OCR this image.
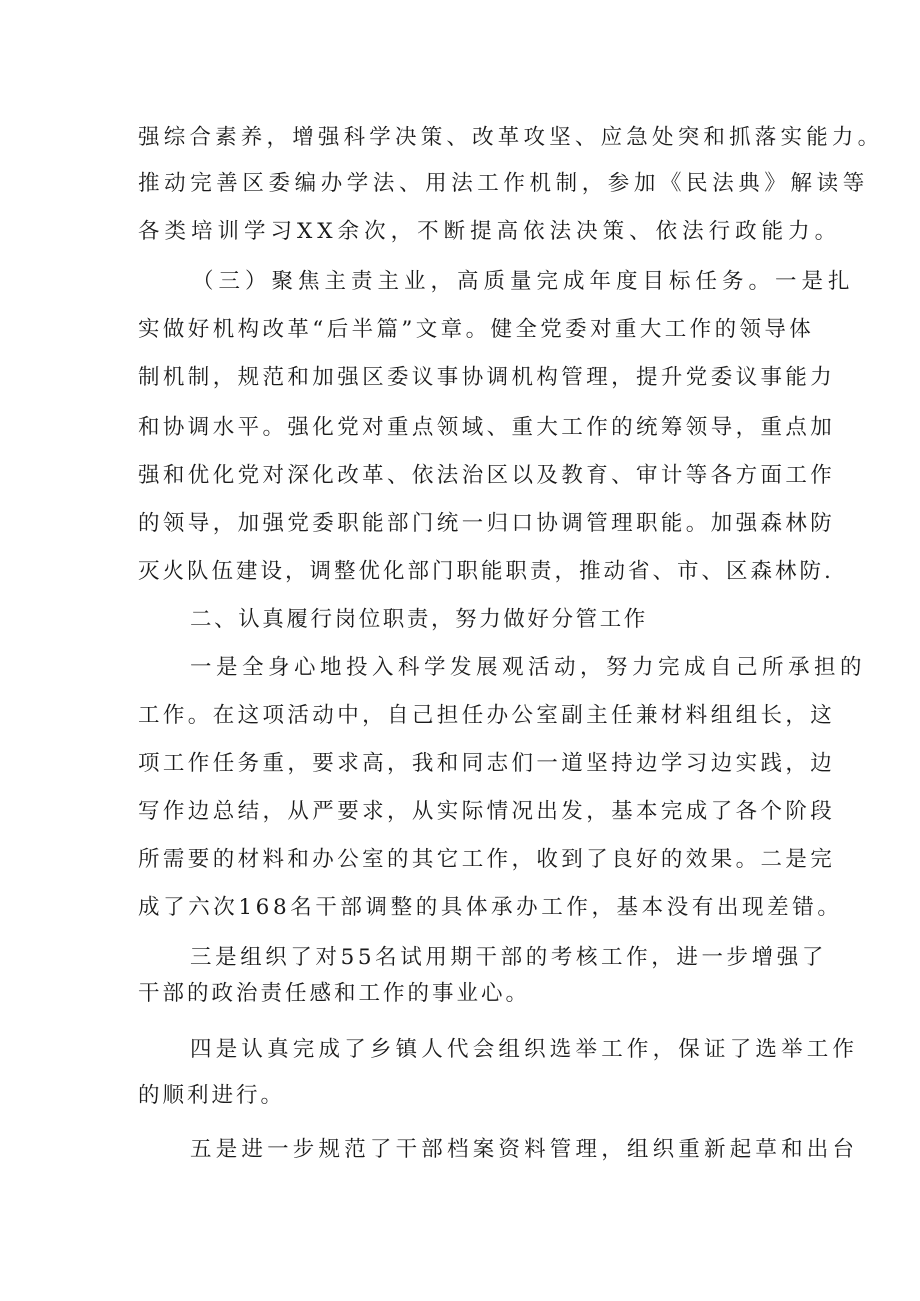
强综合素养，增强科学决策、改革攻坚、应急处突和抓落实能力。
推动完善区委编办学法、用法工作机制，参加《民法典》解读等
各类培训学习XX余次，不断提高依法决策、依法行政能力。
（三）聚焦主责主业，高质量完成年度目标任务。一是扎
实做好机构改革“后半篇”文章。健全党委对重大工作的领导体
制机制，规范和加强区委议事协调机构管理，提升党委议事能力
和协调水平。强化党对重点领域、重大工作的统筹领导，重点加
强和优化党对深化改革、依法治区以及教育、审计等各方面工作
的领导，加强党委职能部门统一归口协调管理职能。加强森林防
灭火队伍建设，调整优化部门职能职责，推动省、市、区森林防.
二、认真履行岗位职责，努力做好分管工作
一是全身心地投入科学发展观活动，努力完成自己所承担的
工作。在这项活动中，自己担任办公室副主任兼材料组组长，这
项工作任务重，要求高，我和同志们一道坚持边学习边实践，边
写作边总结，从严要求，从实际情况出发，基本完成了各个阶段
所需要的材料和办公室的其它工作，收到了良好的效果。二是完
成了六次168名干部调整的具体承办工作，基本没有出现差错。
三是组织了对55名试用期干部的考核工作，进一步增强了
干部的政治责任感和工作的事业心。
四是认真完成了乡镇人代会组织选举工作，保证了选举工作
的顺利进行。
五是进一步规范了干部档案资料管理，组织重新起草和出台
